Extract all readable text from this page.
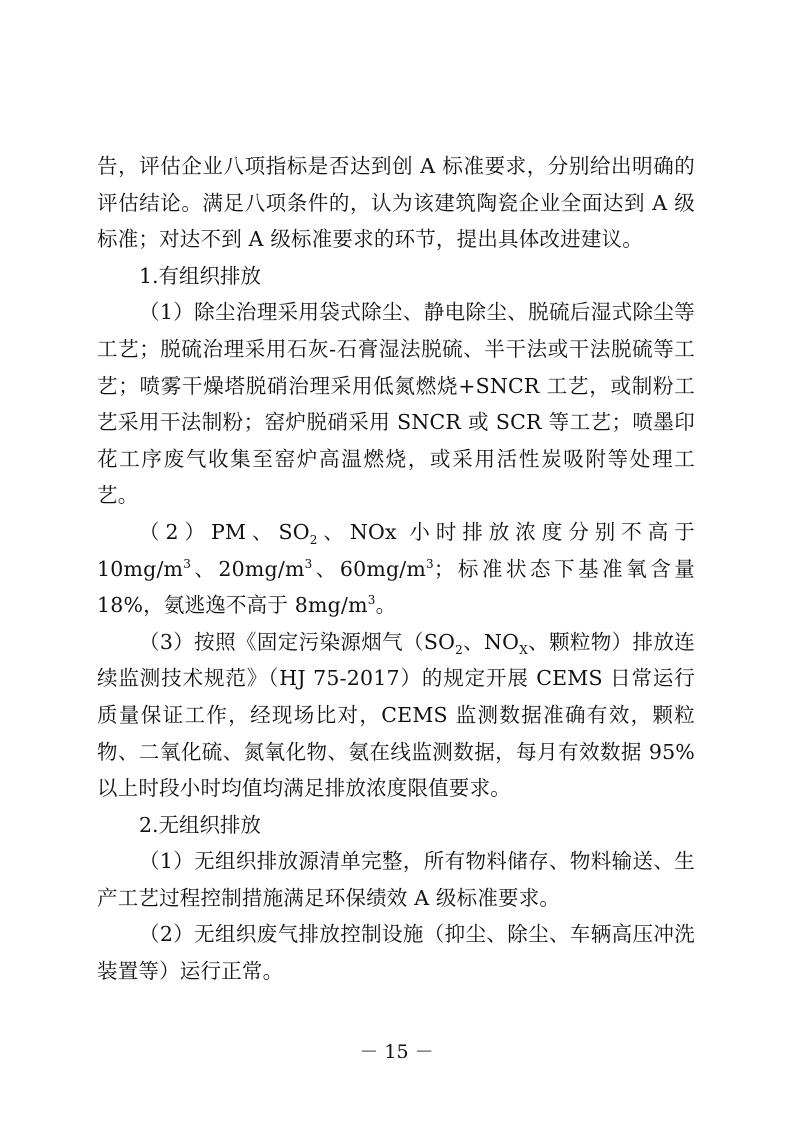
告，评估企业八项指标是否达到创 A 标准要求，分别给出明确的评估结论。满足八项条件的，认为该建筑陶瓷企业全面达到 A 级标准；对达不到 A 级标准要求的环节，提出具体改进建议。

1.有组织排放

（1）除尘治理采用袋式除尘、静电除尘、脱硫后湿式除尘等工艺；脱硫治理采用石灰-石膏湿法脱硫、半干法或干法脱硫等工艺；喷雾干燥塔脱硝治理采用低氮燃烧+SNCR 工艺，或制粉工艺采用干法制粉；窑炉脱硝采用 SNCR 或 SCR 等工艺；喷墨印花工序废气收集至窑炉高温燃烧，或采用活性炭吸附等处理工艺。

（2）PM、$SO_2$、NOx 小时排放浓度分别不高于 $10mg/m^3$、$20mg/m^3$、$60mg/m^3$；标准状态下基准氧含量 18%，氨逃逸不高于 $8mg/m^3$。

（3）按照《固定污染源烟气（$SO_2$、$NO_X$、颗粒物）排放连续监测技术规范》（HJ 75-2017）的规定开展 CEMS 日常运行质量保证工作，经现场比对，CEMS 监测数据准确有效，颗粒物、二氧化硫、氮氧化物、氨在线监测数据，每月有效数据 95%以上时段小时均值均满足排放浓度限值要求。

2.无组织排放

（1）无组织排放源清单完整，所有物料储存、物料输送、生产工艺过程控制措施满足环保绩效 A 级标准要求。

（2）无组织废气排放控制设施（抑尘、除尘、车辆高压冲洗装置等）运行正常。

－ 15 －
